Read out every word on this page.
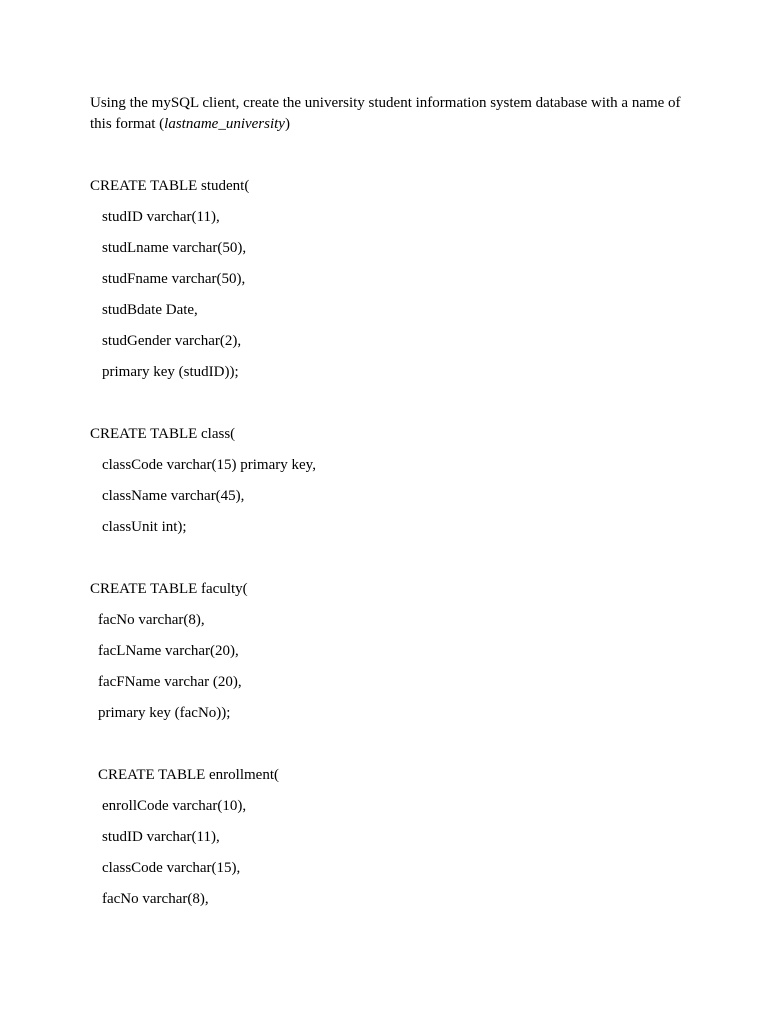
Using the mySQL client, create the university student information system database with a name of this format (lastname_university)

CREATE TABLE student(
studID varchar(11),
studLname varchar(50),
studFname varchar(50),
studBdate Date,
studGender varchar(2),
primary key (studID));
CREATE TABLE class(
classCode varchar(15) primary key,
className varchar(45),
classUnit int);
CREATE TABLE faculty(
facNo varchar(8),
facLName varchar(20),
facFName varchar (20),
primary key (facNo));
CREATE TABLE enrollment(
enrollCode varchar(10),
studID varchar(11),
classCode varchar(15),
facNo varchar(8),
